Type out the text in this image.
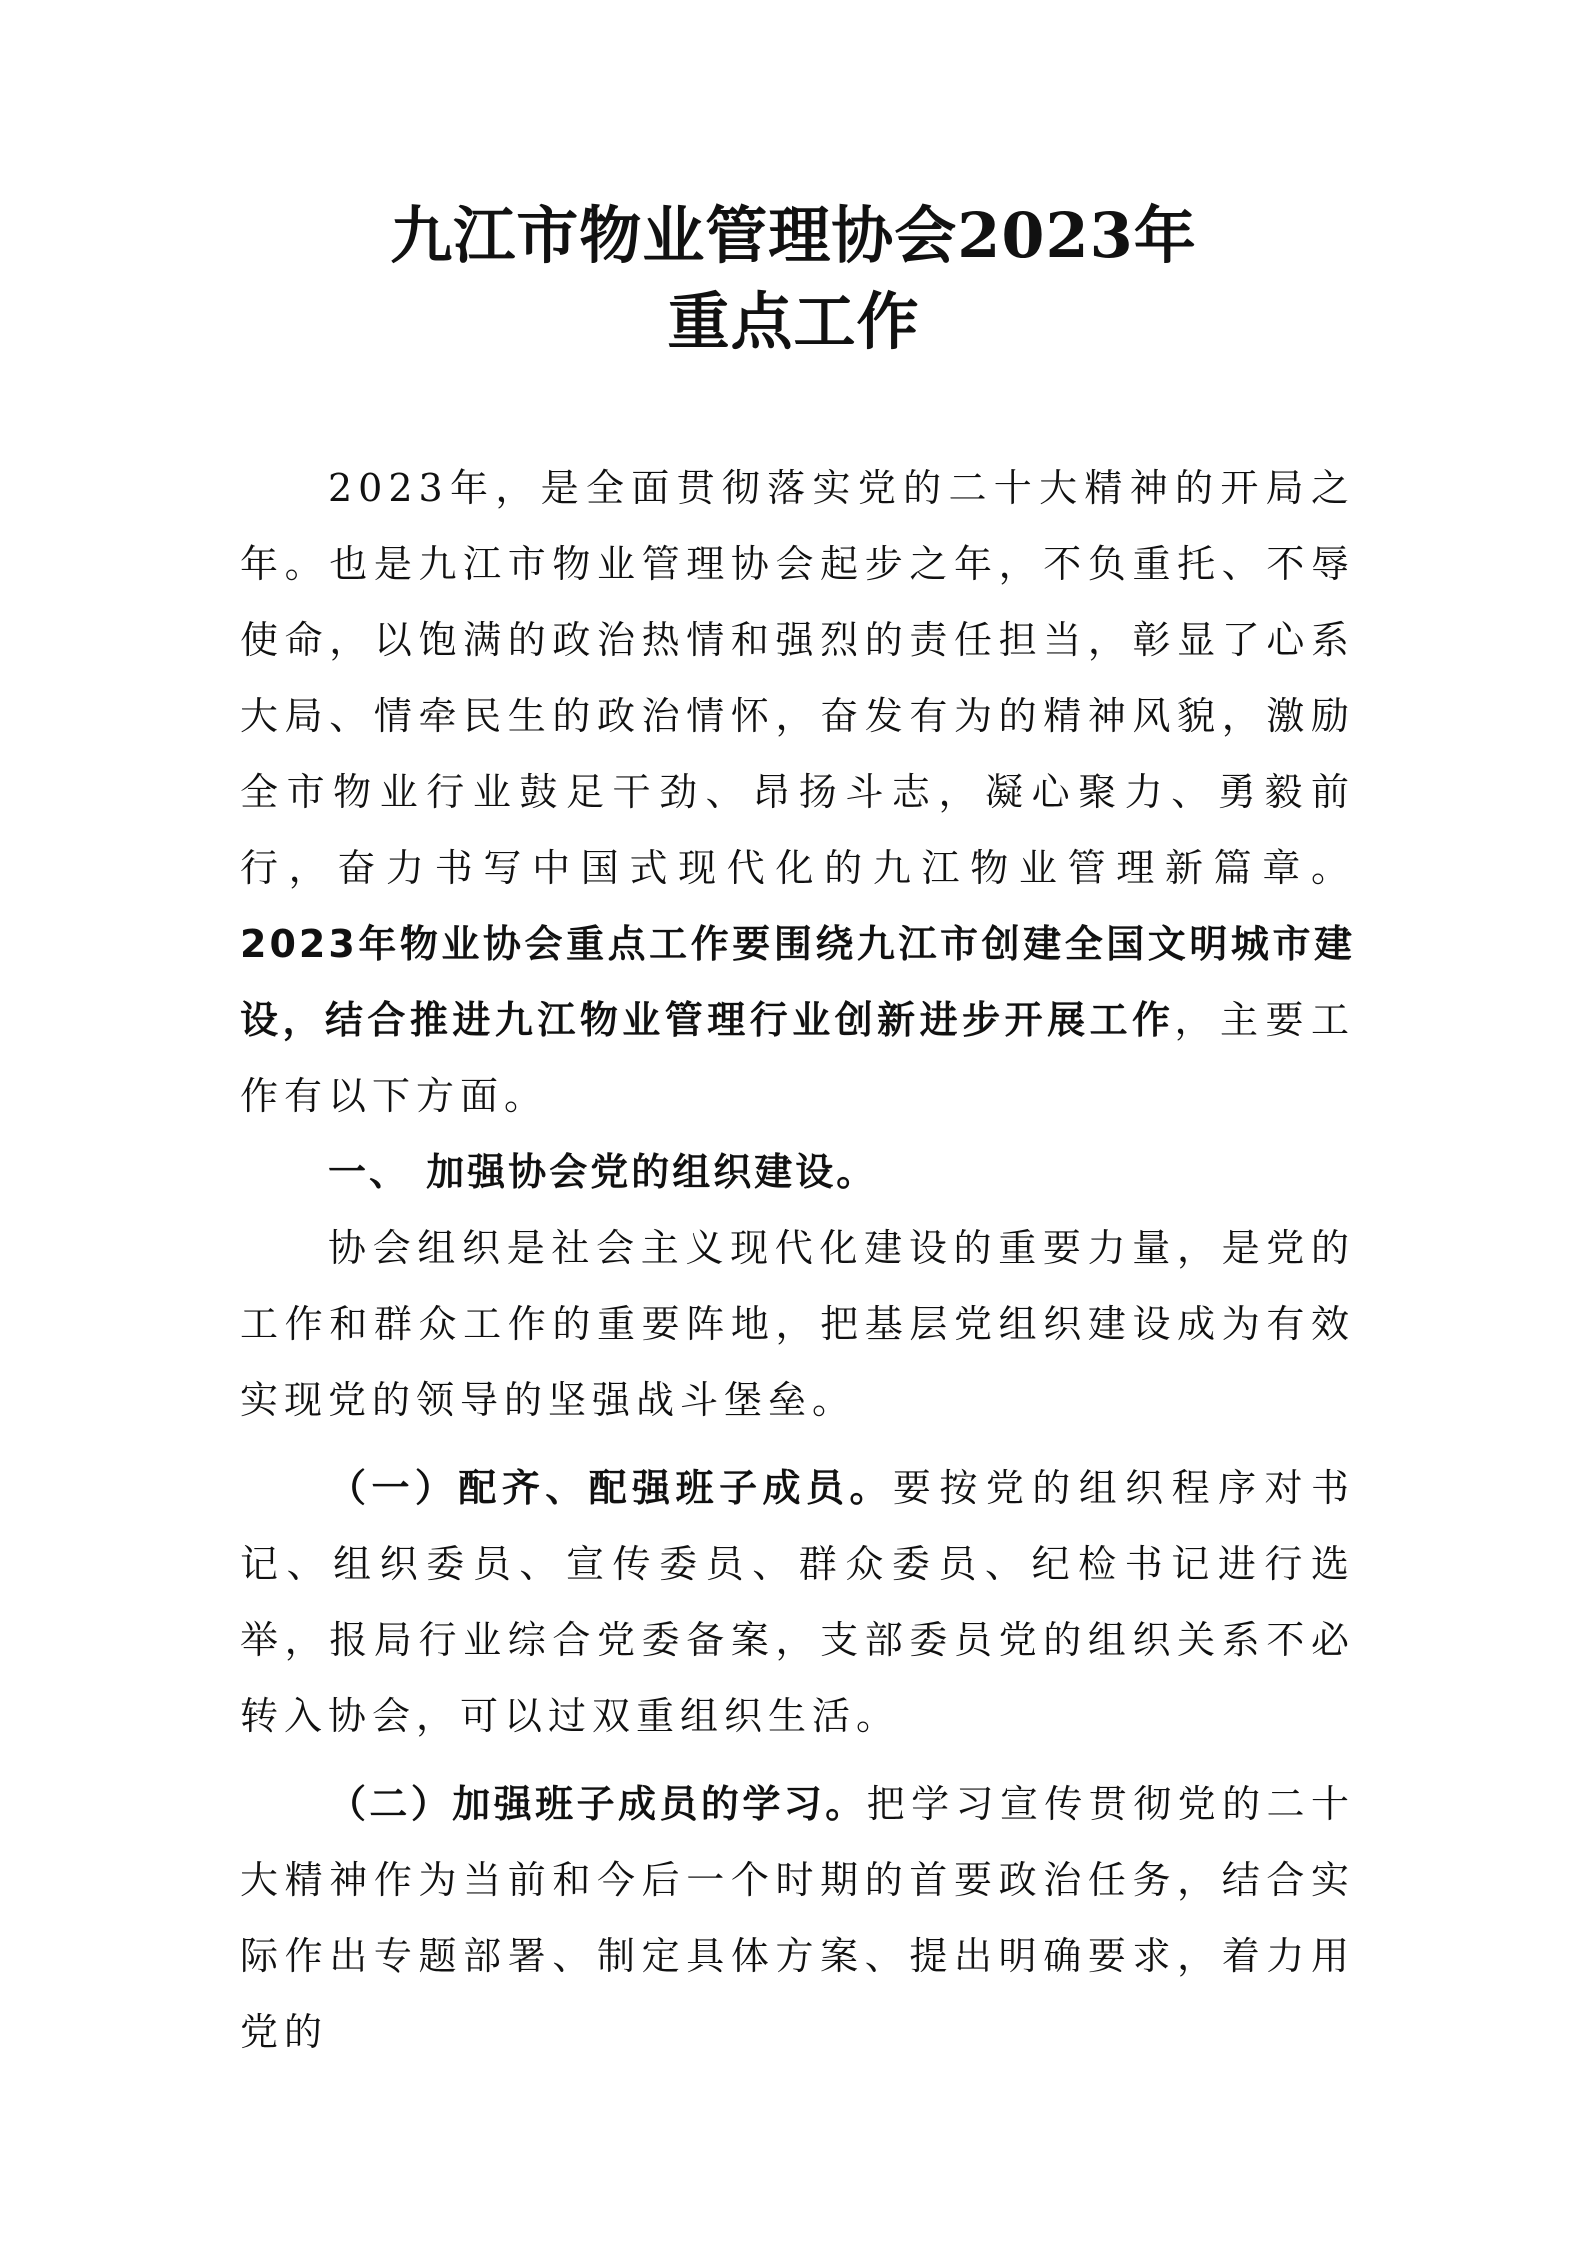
九江市物业管理协会2023年
重点工作

2023年，是全面贯彻落实党的二十大精神的开局之年。也是九江市物业管理协会起步之年，不负重托、不辱使命，以饱满的政治热情和强烈的责任担当，彰显了心系大局、情牵民生的政治情怀，奋发有为的精神风貌，激励全市物业行业鼓足干劲、昂扬斗志，凝心聚力、勇毅前行，奋力书写中国式现代化的九江物业管理新篇章。2023年物业协会重点工作要围绕九江市创建全国文明城市建设，结合推进九江物业管理行业创新进步开展工作，主要工作有以下方面。

一、 加强协会党的组织建设。

协会组织是社会主义现代化建设的重要力量，是党的工作和群众工作的重要阵地，把基层党组织建设成为有效实现党的领导的坚强战斗堡垒。

（一）配齐、配强班子成员。要按党的组织程序对书记、组织委员、宣传委员、群众委员、纪检书记进行选举，报局行业综合党委备案，支部委员党的组织关系不必转入协会，可以过双重组织生活。

（二）加强班子成员的学习。把学习宣传贯彻党的二十大精神作为当前和今后一个时期的首要政治任务，结合实际作出专题部署、制定具体方案、提出明确要求，着力用党的
